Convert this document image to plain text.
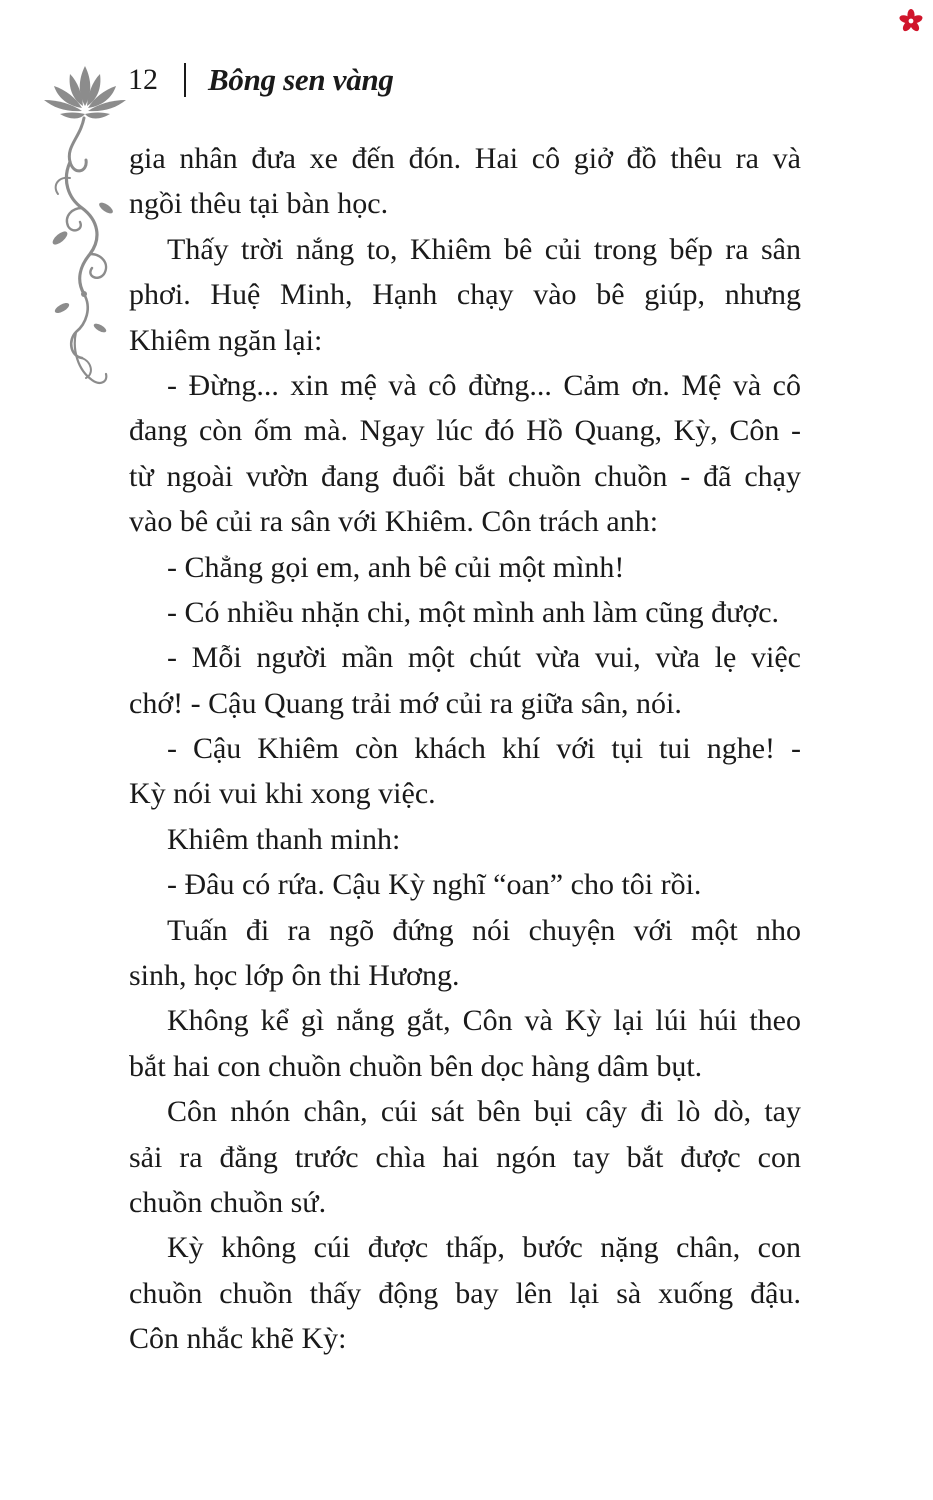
12 Bông sen vàng
gia nhân đưa xe đến đón. Hai cô giở đồ thêu ra và
ngồi thêu tại bàn học.
Thấy trời nắng to, Khiêm bê củi trong bếp ra sân
phơi. Huệ Minh, Hạnh chạy vào bê giúp, nhưng
Khiêm ngăn lại:
- Đừng... xin mệ và cô đừng... Cảm ơn. Mệ và cô
đang còn ốm mà. Ngay lúc đó Hồ Quang, Kỳ, Côn -
từ ngoài vườn đang đuổi bắt chuồn chuồn - đã chạy
vào bê củi ra sân với Khiêm. Côn trách anh:
- Chẳng gọi em, anh bê củi một mình!
- Có nhiều nhặn chi, một mình anh làm cũng được.
- Mỗi người mần một chút vừa vui, vừa lẹ việc
chớ! - Cậu Quang trải mớ củi ra giữa sân, nói.
- Cậu Khiêm còn khách khí với tụi tui nghe! -
Kỳ nói vui khi xong việc.
Khiêm thanh minh:
- Đâu có rứa. Cậu Kỳ nghĩ “oan” cho tôi rồi.
Tuấn đi ra ngõ đứng nói chuyện với một nho
sinh, học lớp ôn thi Hương.
Không kể gì nắng gắt, Côn và Kỳ lại lúi húi theo
bắt hai con chuồn chuồn bên dọc hàng dâm bụt.
Côn nhón chân, cúi sát bên bụi cây đi lò dò, tay
sải ra đằng trước chìa hai ngón tay bắt được con
chuồn chuồn sứ.
Kỳ không cúi được thấp, bước nặng chân, con
chuồn chuồn thấy động bay lên lại sà xuống đậu.
Côn nhắc khẽ Kỳ:
